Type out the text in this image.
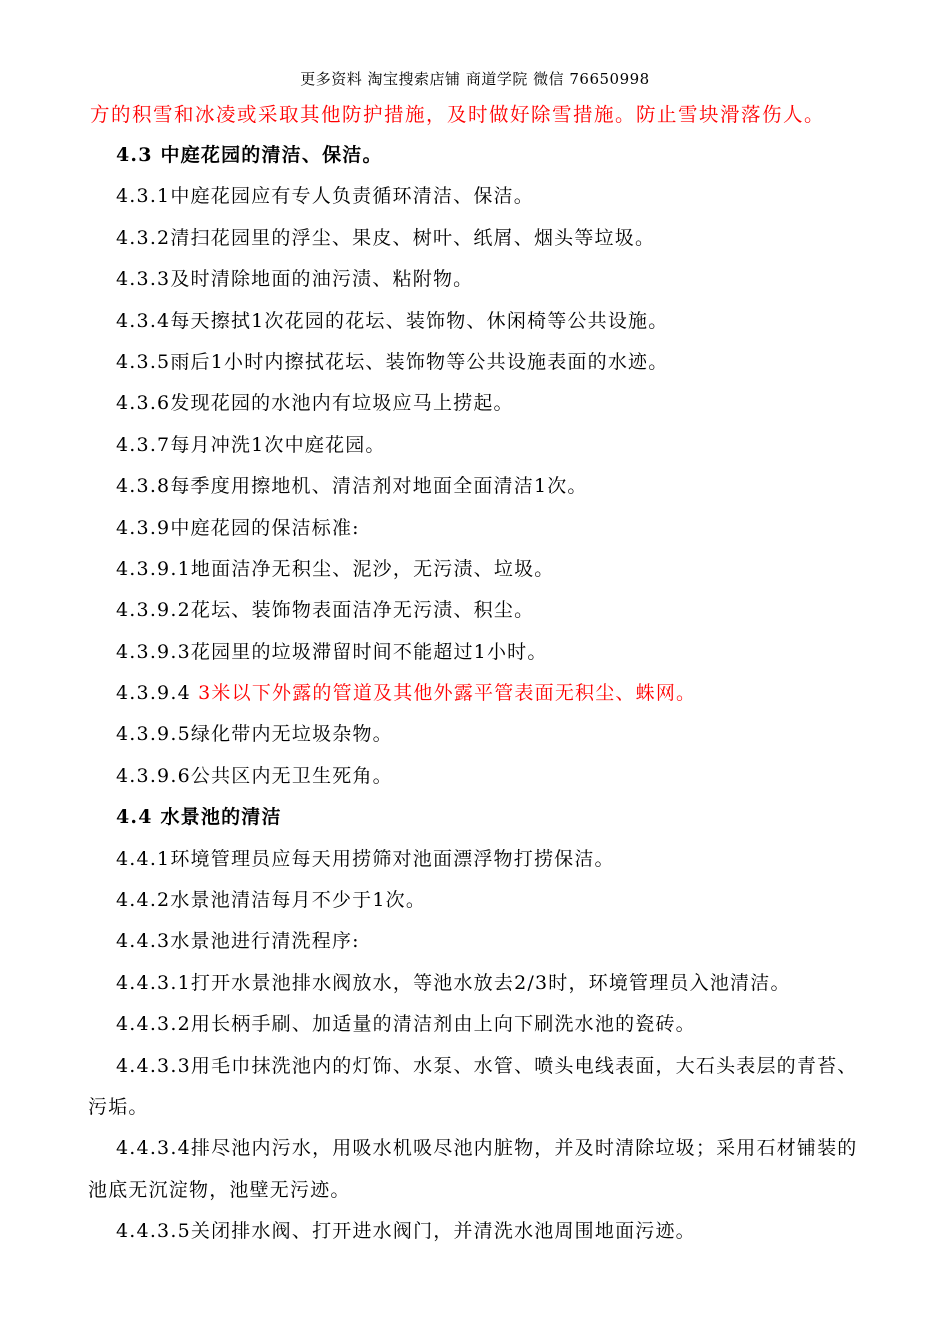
更多资料 淘宝搜索店铺 商道学院 微信 76650998
方的积雪和冰凌或采取其他防护措施，及时做好除雪措施。防止雪块滑落伤人。
4.3 中庭花园的清洁、保洁。
4.3.1中庭花园应有专人负责循环清洁、保洁。
4.3.2清扫花园里的浮尘、果皮、树叶、纸屑、烟头等垃圾。
4.3.3及时清除地面的油污渍、粘附物。
4.3.4每天擦拭1次花园的花坛、装饰物、休闲椅等公共设施。
4.3.5雨后1小时内擦拭花坛、装饰物等公共设施表面的水迹。
4.3.6发现花园的水池内有垃圾应马上捞起。
4.3.7每月冲洗1次中庭花园。
4.3.8每季度用擦地机、清洁剂对地面全面清洁1次。
4.3.9中庭花园的保洁标准:
4.3.9.1地面洁净无积尘、泥沙，无污渍、垃圾。
4.3.9.2花坛、装饰物表面洁净无污渍、积尘。
4.3.9.3花园里的垃圾滞留时间不能超过1小时。
4.3.9.4 3米以下外露的管道及其他外露平管表面无积尘、蛛网。
4.3.9.5绿化带内无垃圾杂物。
4.3.9.6公共区内无卫生死角。
4.4 水景池的清洁
4.4.1环境管理员应每天用捞筛对池面漂浮物打捞保洁。
4.4.2水景池清洁每月不少于1次。
4.4.3水景池进行清洗程序:
4.4.3.1打开水景池排水阀放水，等池水放去2/3时，环境管理员入池清洁。
4.4.3.2用长柄手刷、加适量的清洁剂由上向下刷洗水池的瓷砖。
4.4.3.3用毛巾抹洗池内的灯饰、水泵、水管、喷头电线表面，大石头表层的青苔、污垢。
4.4.3.4排尽池内污水，用吸水机吸尽池内脏物，并及时清除垃圾；采用石材铺装的池底无沉淀物，池壁无污迹。
4.4.3.5关闭排水阀、打开进水阀门，并清洗水池周围地面污迹。
